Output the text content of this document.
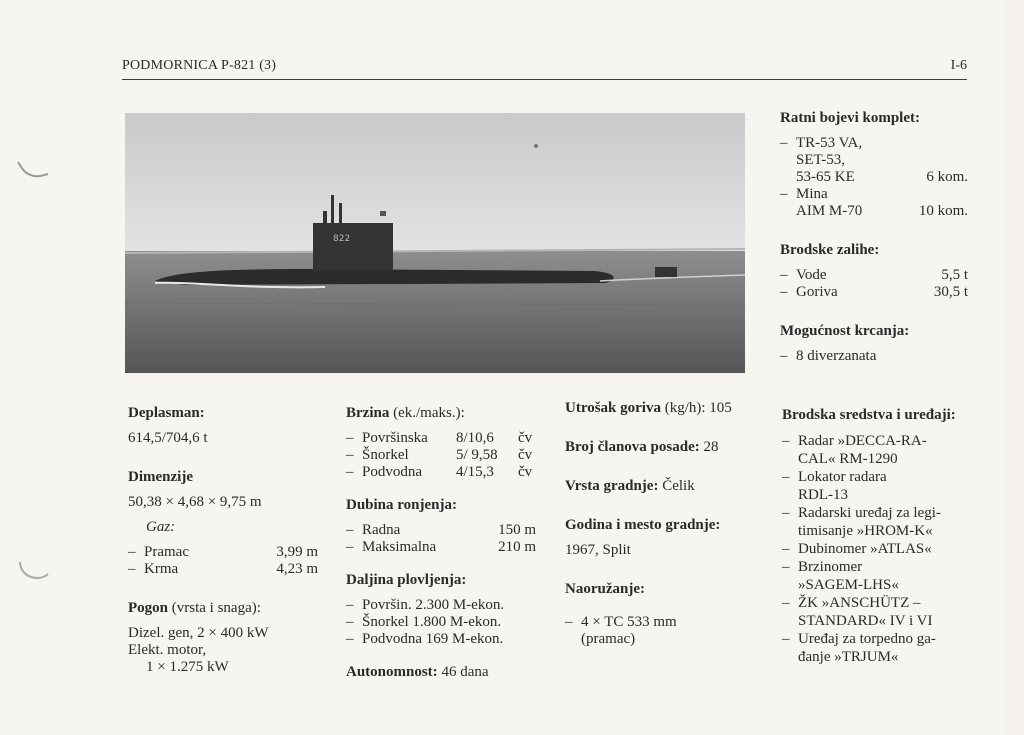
PODMORNICA P-821 (3)	I-6
822
Deplasman:
614,5/704,6 t
Dimenzije
50,38 × 4,68 × 9,75 m
Gaz:
– Pramac	3,99 m
– Krma	4,23 m
Pogon (vrsta i snaga):
Dizel. gen, 2 × 400 kW
Elekt. motor,
1 × 1.275 kW
Brzina (ek./maks.):
– Površinska	8/10,6	čv
– Šnorkel	5/ 9,58	čv
– Podvodna	4/15,3	čv
Dubina ronjenja:
– Radna	150 m
– Maksimalna	210 m
Daljina plovljenja:
– Površin. 2.300 M-ekon.
– Šnorkel 1.800 M-ekon.
– Podvodna 169 M-ekon.
Autonomnost: 46 dana
Utrošak goriva (kg/h): 105
Broj članova posade: 28
Vrsta gradnje: Čelik
Godina i mesto gradnje:
1967, Split
Naoružanje:
– 4 × TC 533 mm
(pramac)
Ratni bojevi komplet:
– TR-53 VA,
SET-53,
53-65 KE	6 kom.
– Mina
AIM M-70	10 kom.
Brodske zalihe:
– Vode	5,5 t
– Goriva	30,5 t
Mogućnost krcanja:
– 8 diverzanata
Brodska sredstva i uređaji:
– Radar »DECCA-RA-
CAL« RM-1290
– Lokator radara
RDL-13
– Radarski uređaj za legi-
timisanje »HROM-K«
– Dubinomer »ATLAS«
– Brzinomer
»SAGEM-LHS«
– ŽK »ANSCHÜTZ –
STANDARD« IV i VI
– Uređaj za torpedno ga-
đanje »TRJUM«
